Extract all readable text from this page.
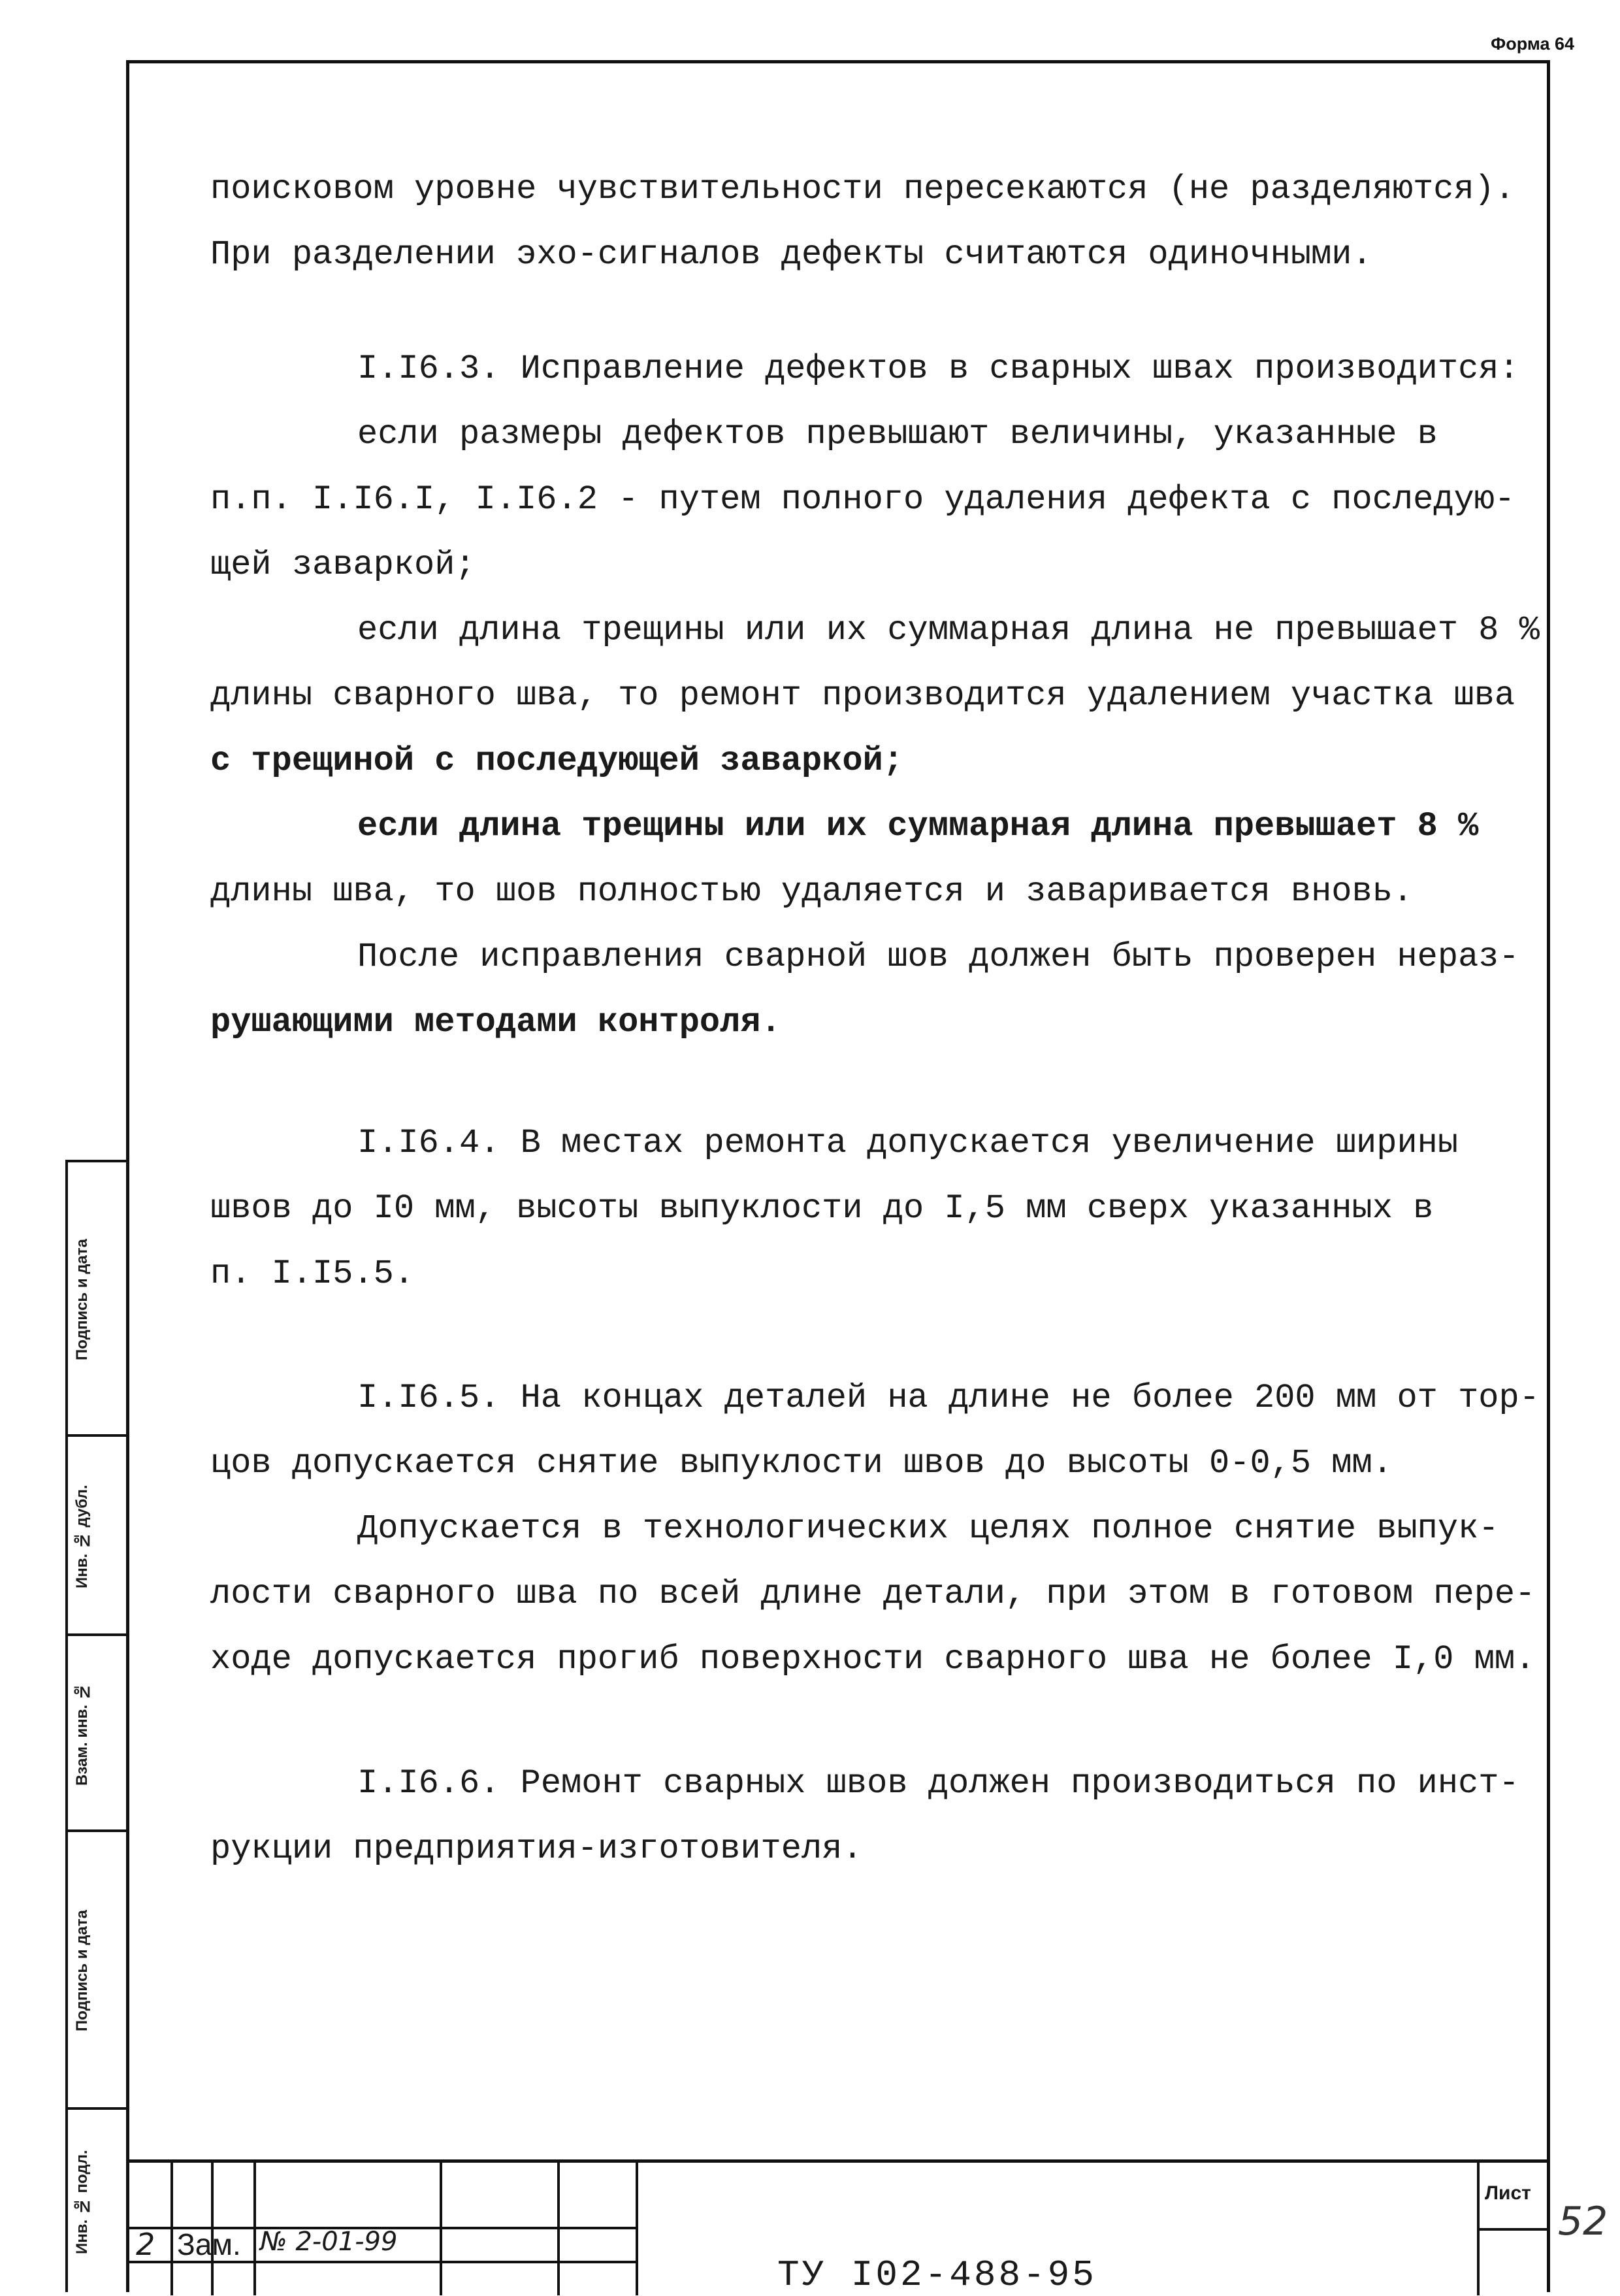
Форма 64
поисковом уровне чувствительности пересекаются (не разделяются).
При разделении эхо-сигналов дефекты считаются одиночными.
I.I6.3. Исправление дефектов в сварных швах производится:
если размеры дефектов превышают величины, указанные в
п.п. I.I6.I, I.I6.2 - путем полного удаления дефекта с последую-
щей заваркой;
если длина трещины или их суммарная длина не превышает 8 %
длины сварного шва, то ремонт производится удалением участка шва
с трещиной с последующей заваркой;
если длина трещины или их суммарная длина превышает 8 %
длины шва, то шов полностью удаляется и заваривается вновь.
После исправления сварной шов должен быть проверен нераз-
рушающими методами контроля.
I.I6.4. В местах ремонта допускается увеличение ширины
швов до I0 мм, высоты выпуклости до I,5 мм сверх указанных в
п. I.I5.5.
I.I6.5. На концах деталей на длине не более 200 мм от тор-
цов допускается снятие выпуклости швов до высоты 0-0,5 мм.
Допускается в технологических целях полное снятие выпук-
лости сварного шва по всей длине детали, при этом в готовом пере-
ходе допускается прогиб поверхности сварного шва не более I,0 мм.
I.I6.6. Ремонт сварных швов должен производиться по инст-
рукции предприятия-изготовителя.
Подпись и дата
Инв. № дубл.
Взам. инв. №
Подпись и дата
Инв. № подл.	2 Зам. № 2-01-99
Лист
ТУ I02-488-95
52
